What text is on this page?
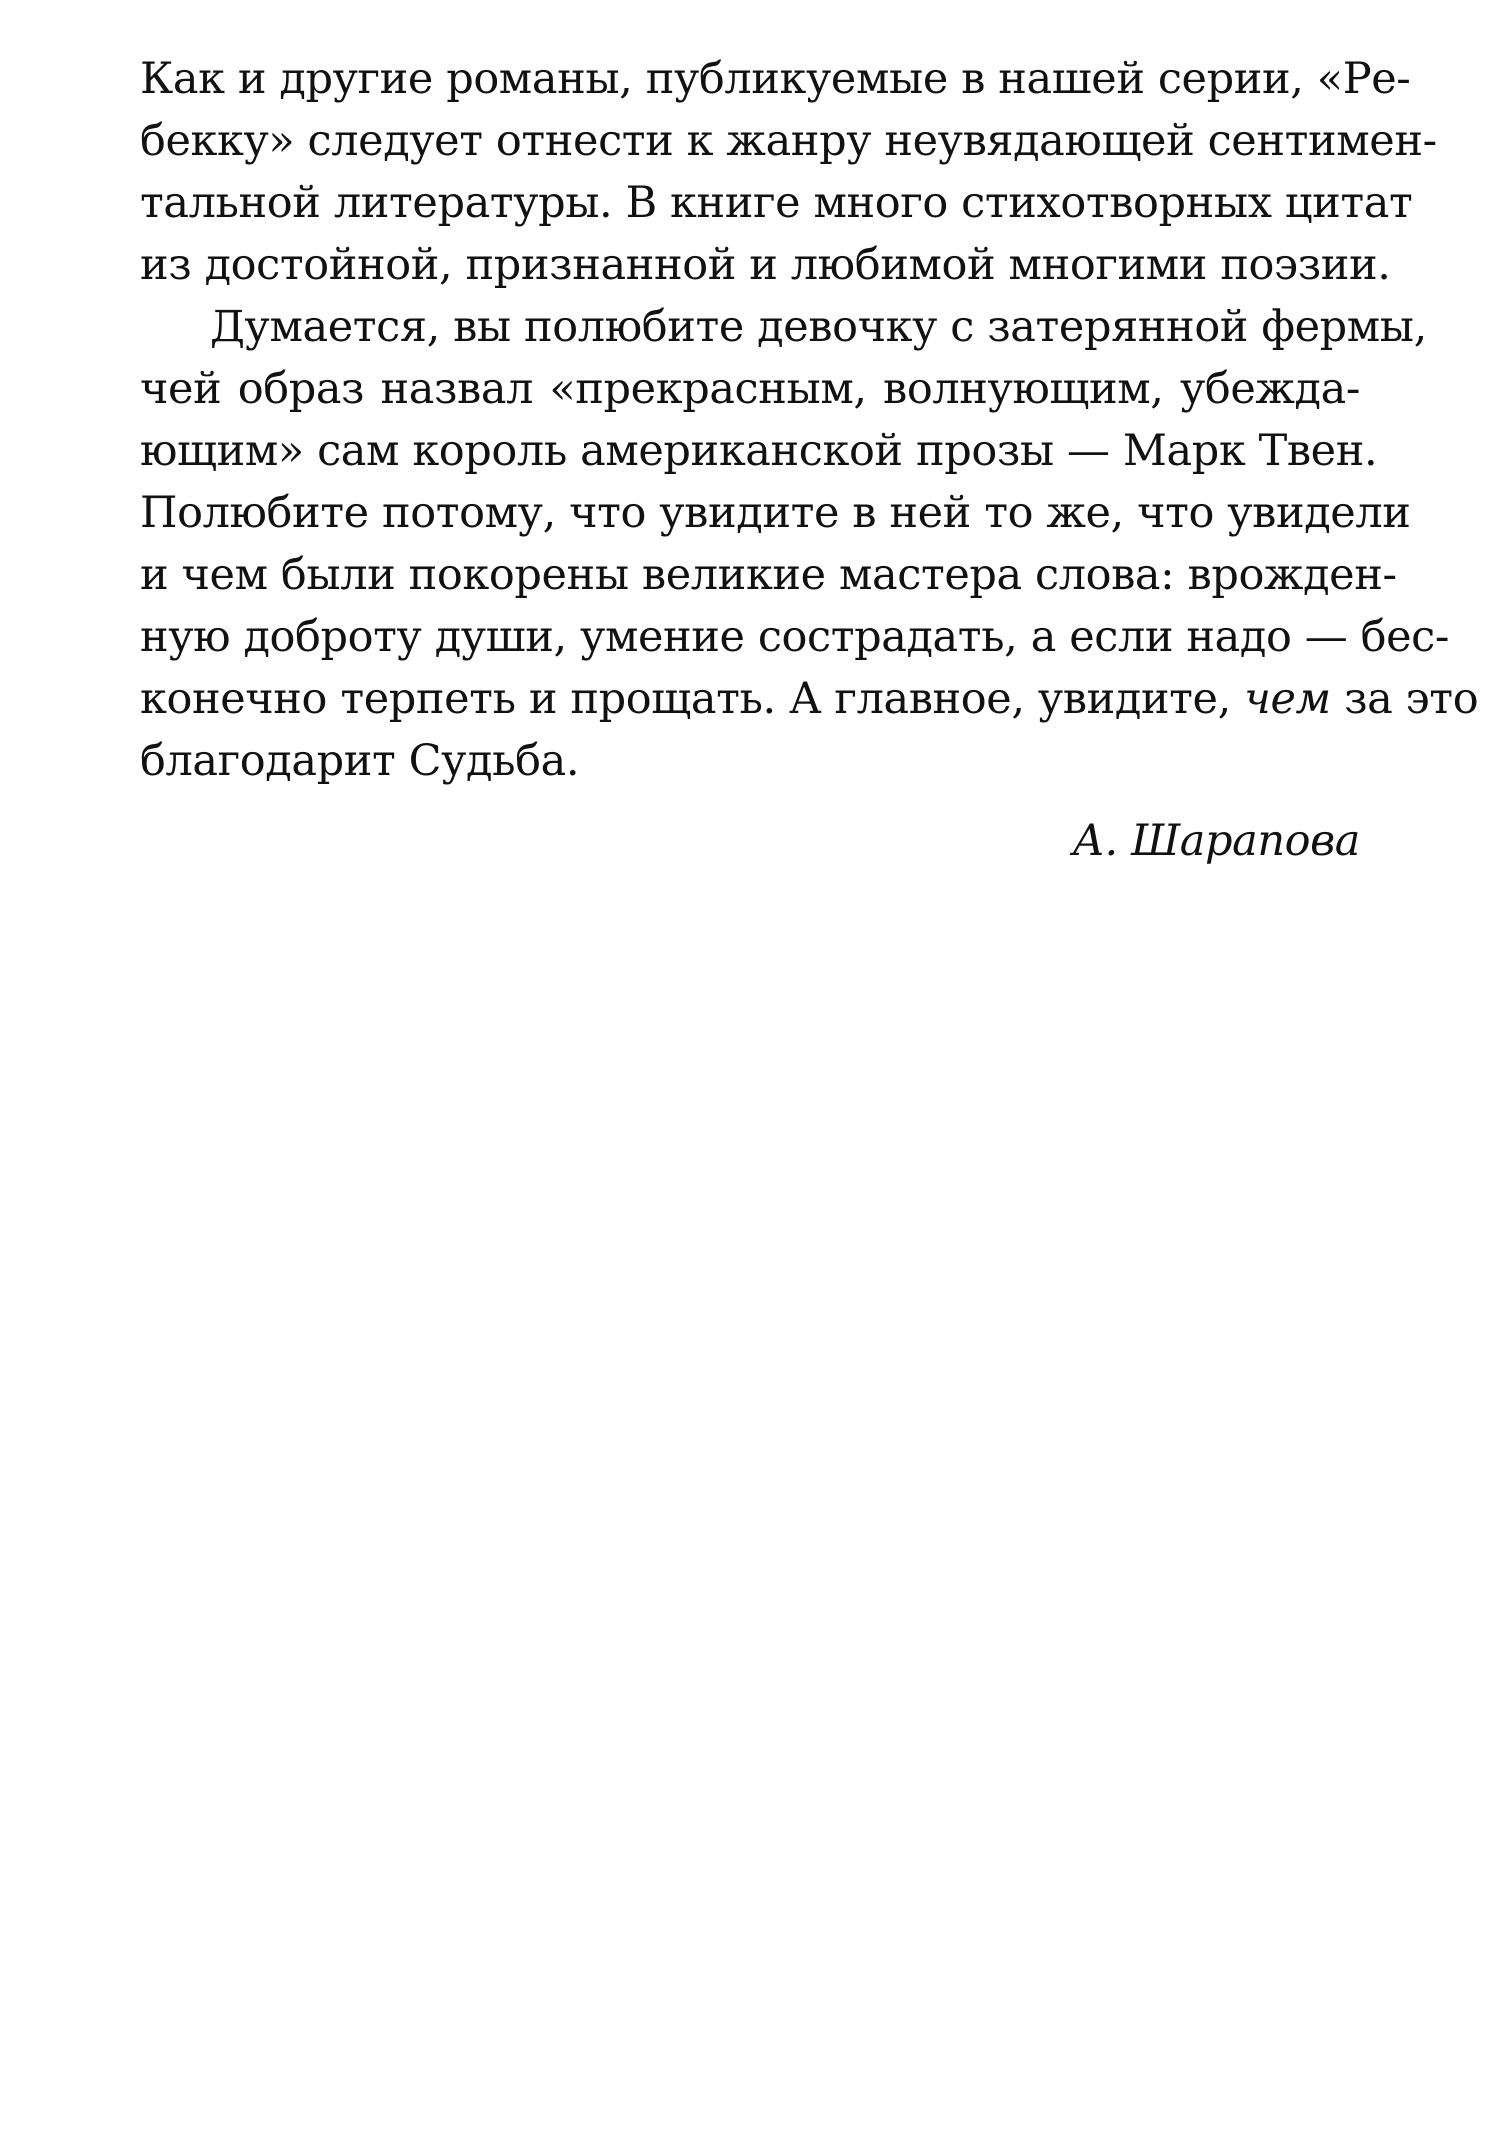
Как и другие романы, публикуемые в нашей серии, «Ре-
бекку» следует отнести к жанру неувядающей сентимен-
тальной литературы. В книге много стихотворных цитат
из достойной, признанной и любимой многими поэзии.
Думается, вы полюбите девочку с затерянной фермы,
чей образ назвал «прекрасным, волнующим, убежда-
ющим» сам король американской прозы — Марк Твен.
Полюбите потому, что увидите в ней то же, что увидели
и чем были покорены великие мастера слова: врожден-
ную доброту души, умение сострадать, а если надо — бес-
конечно терпеть и прощать. А главное, увидите, чем за это
благодарит Судьба.
А. Шарапова
